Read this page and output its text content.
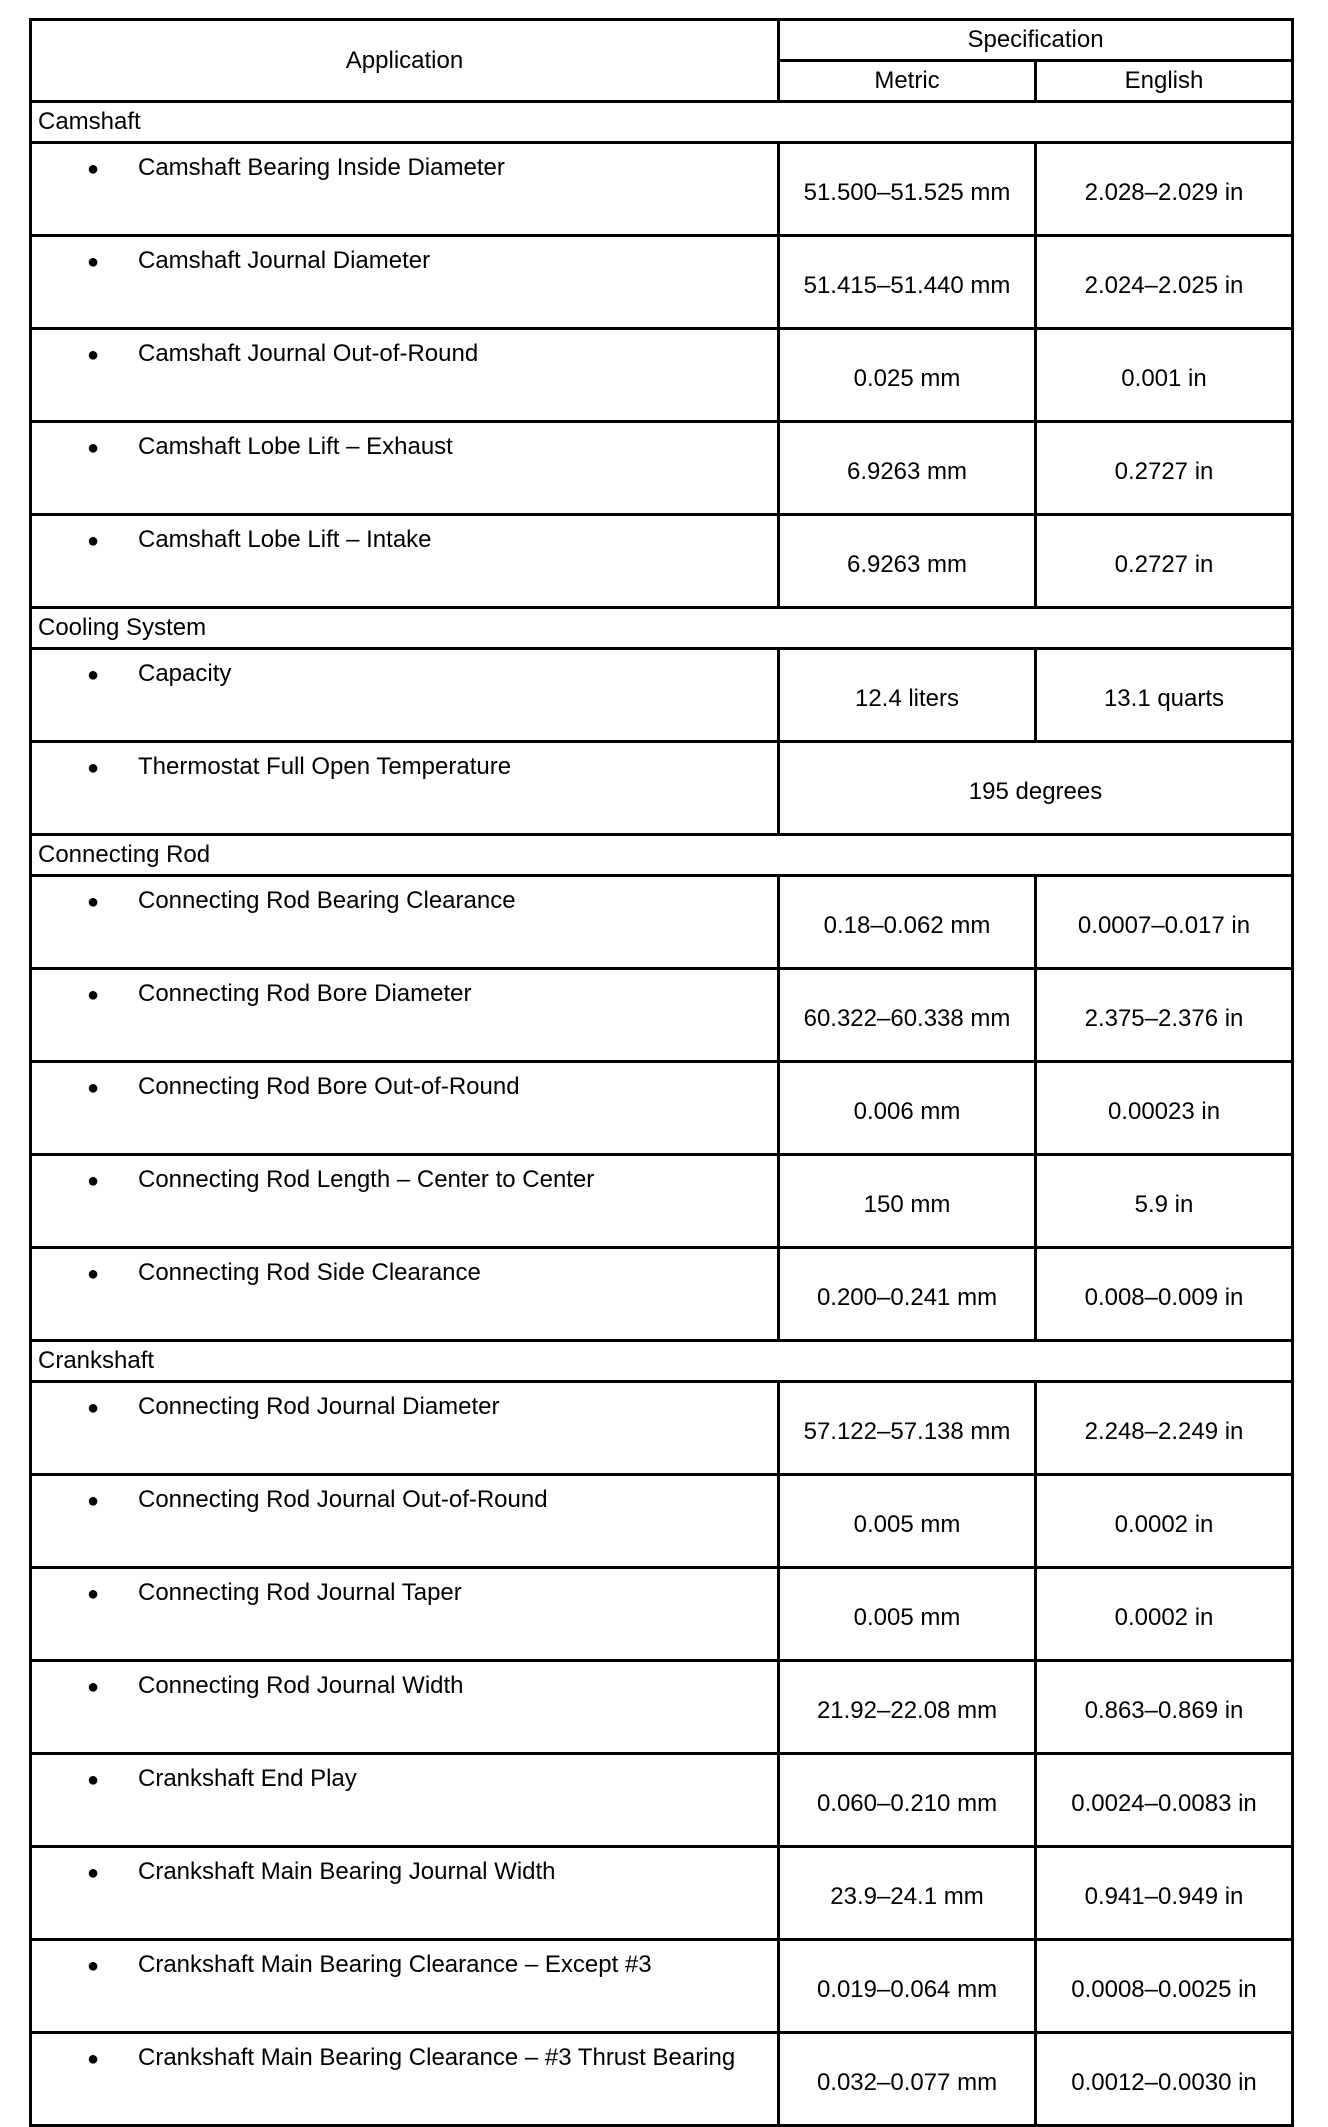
Application	Specification	
	Metric	English
Camshaft		

● Camshaft Bearing Inside Diameter	51.500–51.525 mm	2.028–2.029 in

● Camshaft Journal Diameter	51.415–51.440 mm	2.024–2.025 in

● Camshaft Journal Out-of-Round	0.025 mm	0.001 in

● Camshaft Lobe Lift – Exhaust	6.9263 mm	0.2727 in

● Camshaft Lobe Lift – Intake	6.9263 mm	0.2727 in
Cooling System		

● Capacity	12.4 liters	13.1 quarts

● Thermostat Full Open Temperature	195 degrees	
Connecting Rod		

● Connecting Rod Bearing Clearance	0.18–0.062 mm	0.0007–0.017 in

● Connecting Rod Bore Diameter	60.322–60.338 mm	2.375–2.376 in

● Connecting Rod Bore Out-of-Round	0.006 mm	0.00023 in

● Connecting Rod Length – Center to Center	150 mm	5.9 in

● Connecting Rod Side Clearance	0.200–0.241 mm	0.008–0.009 in
Crankshaft		

● Connecting Rod Journal Diameter	57.122–57.138 mm	2.248–2.249 in

● Connecting Rod Journal Out-of-Round	0.005 mm	0.0002 in

● Connecting Rod Journal Taper	0.005 mm	0.0002 in

● Connecting Rod Journal Width	21.92–22.08 mm	0.863–0.869 in

● Crankshaft End Play	0.060–0.210 mm	0.0024–0.0083 in

● Crankshaft Main Bearing Journal Width	23.9–24.1 mm	0.941–0.949 in

● Crankshaft Main Bearing Clearance – Except #3	0.019–0.064 mm	0.0008–0.0025 in

● Crankshaft Main Bearing Clearance – #3 Thrust Bearing	0.032–0.077 mm	0.0012–0.0030 in
